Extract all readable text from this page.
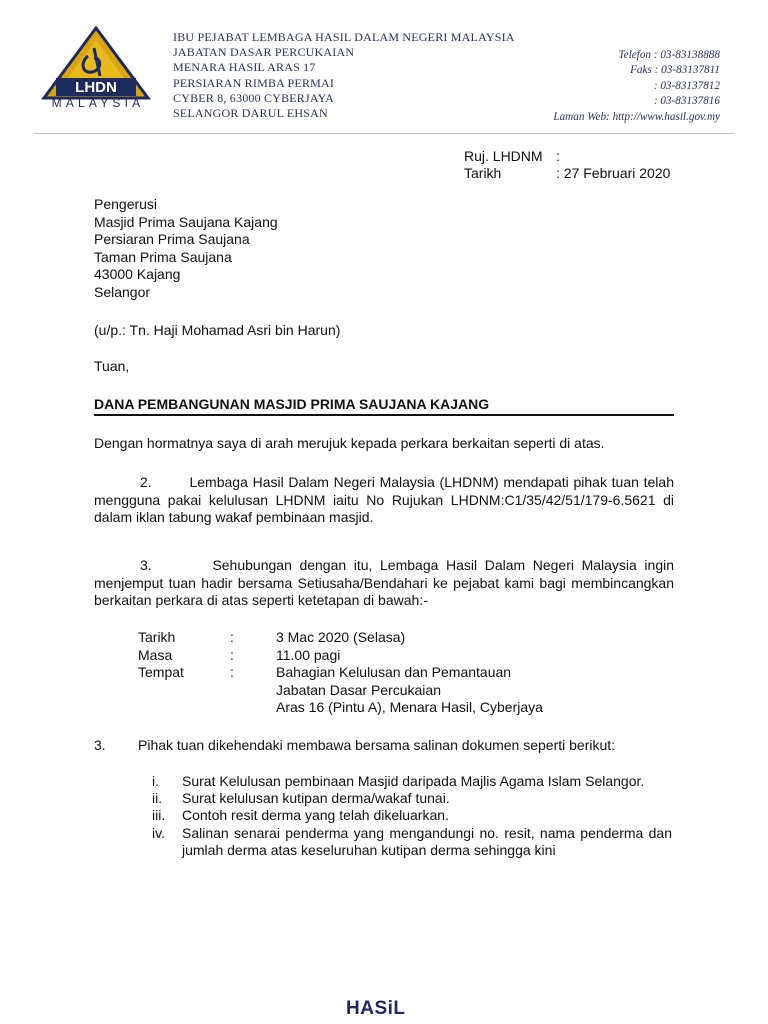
LHDN
MALAYSIA
IBU PEJABAT LEMBAGA HASIL DALAM NEGERI MALAYSIA
JABATAN DASAR PERCUKAIAN
MENARA HASIL ARAS 17
PERSIARAN RIMBA PERMAI
CYBER 8, 63000 CYBERJAYA
SELANGOR DARUL EHSAN
Telefon : 03-83138888
Faks : 03-83137811
: 03-83137812
: 03-83137816
Laman Web: http://www.hasil.gov.my
Ruj. LHDNM :
Tarikh	: 27 Februari 2020
Pengerusi
Masjid Prima Saujana Kajang
Persiaran Prima Saujana
Taman Prima Saujana
43000 Kajang
Selangor
(u/p.: Tn. Haji Mohamad Asri bin Harun)
Tuan,
DANA PEMBANGUNAN MASJID PRIMA SAUJANA KAJANG
Dengan hormatnya saya di arah merujuk kepada perkara berkaitan seperti di atas.
2.	Lembaga Hasil Dalam Negeri Malaysia (LHDNM) mendapati pihak tuan telah mengguna pakai kelulusan LHDNM iaitu No Rujukan LHDNM:C1/35/42/51/179-6.5621 di dalam iklan tabung wakaf pembinaan masjid.
3.	Sehubungan dengan itu, Lembaga Hasil Dalam Negeri Malaysia ingin menjemput tuan hadir bersama Setiusaha/Bendahari ke pejabat kami bagi membincangkan berkaitan perkara di atas seperti ketetapan di bawah:-
Tarikh	:	3 Mac 2020 (Selasa)
Masa	:	11.00 pagi
Tempat	:	Bahagian Kelulusan dan Pemantauan
Jabatan Dasar Percukaian
Aras 16 (Pintu A), Menara Hasil, Cyberjaya
3.	Pihak tuan dikehendaki membawa bersama salinan dokumen seperti berikut:
i.	Surat Kelulusan pembinaan Masjid daripada Majlis Agama Islam Selangor.
ii.	Surat kelulusan kutipan derma/wakaf tunai.
iii.	Contoh resit derma yang telah dikeluarkan.
iv.	Salinan senarai penderma yang mengandungi no. resit, nama penderma dan jumlah derma atas keseluruhan kutipan derma sehingga kini
HASiL
